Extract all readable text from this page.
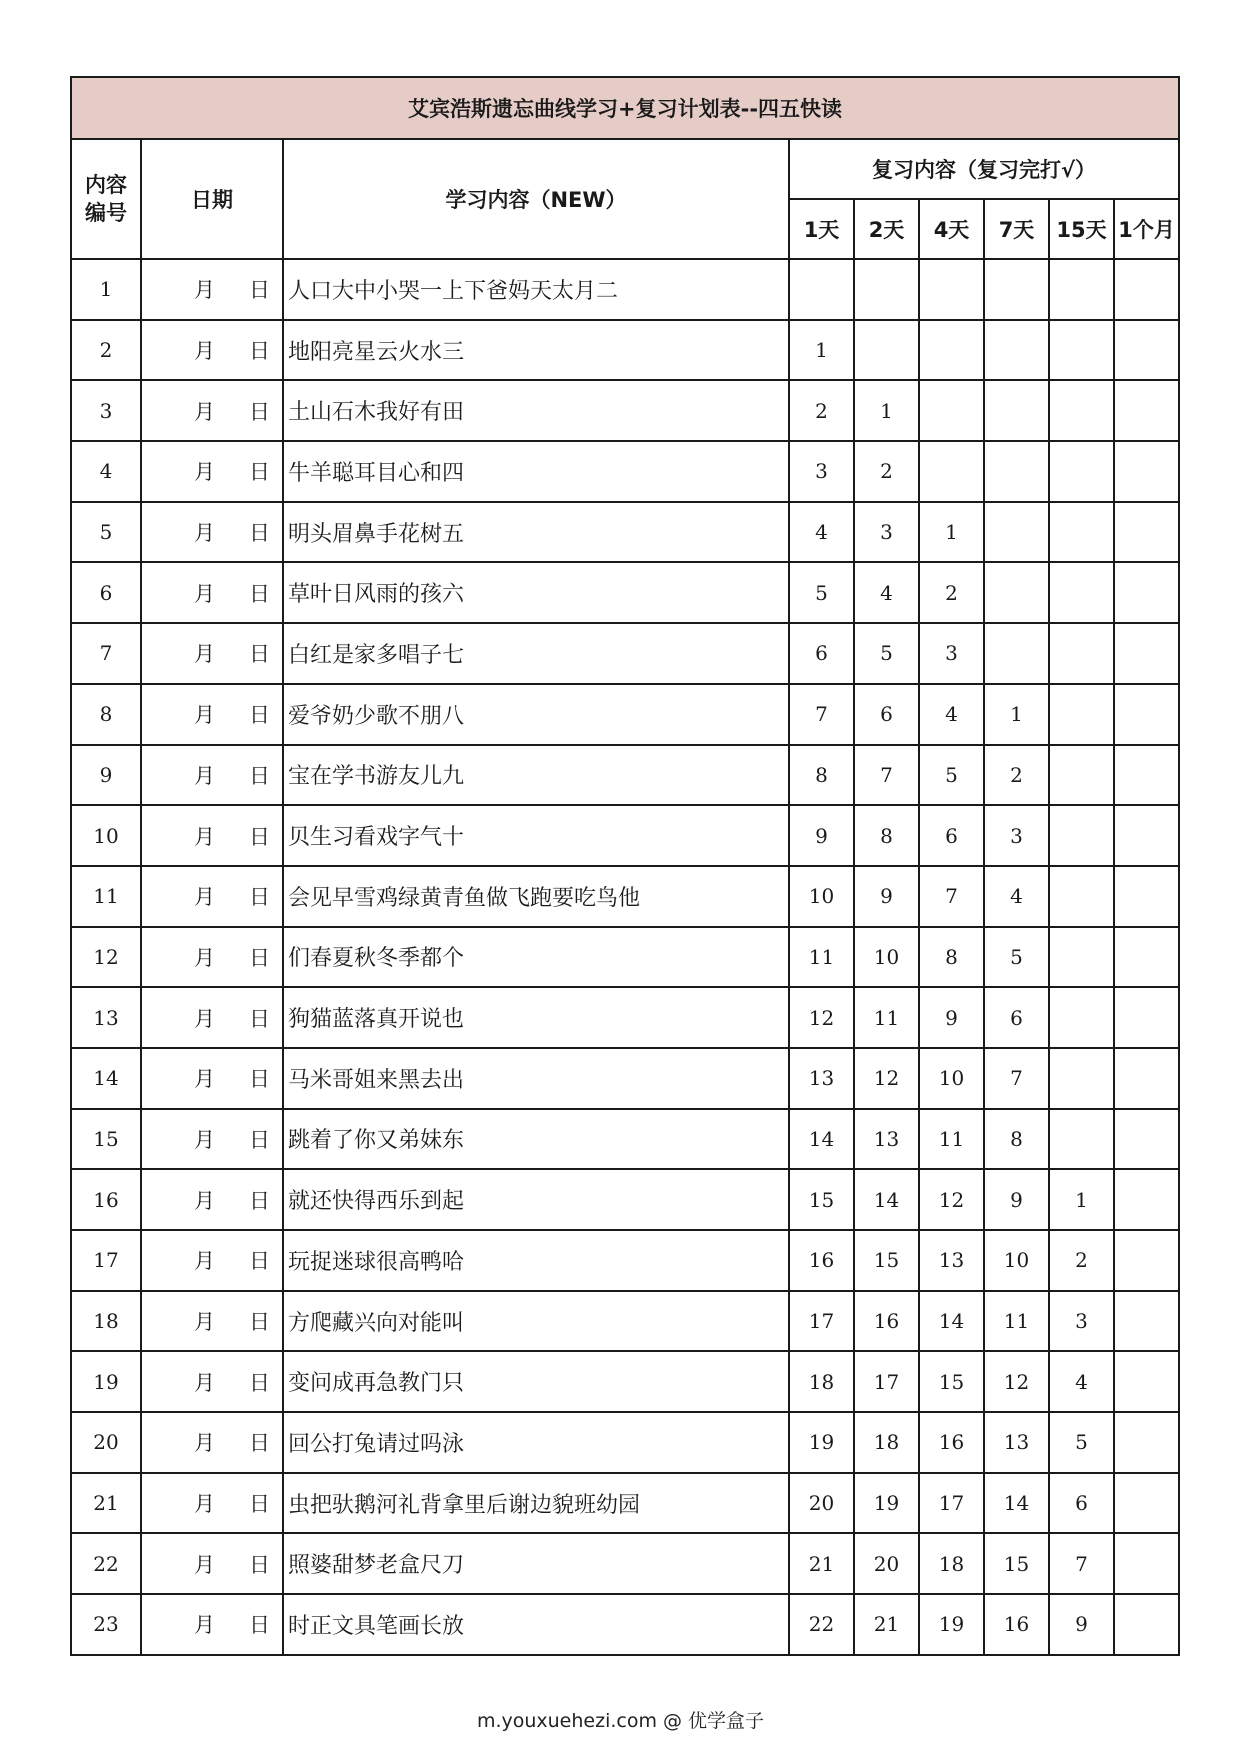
艾宾浩斯遗忘曲线学习+复习计划表--四五快读								
内容编号	日期	学习内容（NEW）	复习内容（复习完打√）					
			1天	2天	4天	7天	15天	1个月
1	月 日	人口大中小哭一上下爸妈天太月二						
2	月 日	地阳亮星云火水三	1					
3	月 日	土山石木我好有田	2	1				
4	月 日	牛羊聪耳目心和四	3	2				
5	月 日	明头眉鼻手花树五	4	3	1			
6	月 日	草叶日风雨的孩六	5	4	2			
7	月 日	白红是家多唱子七	6	5	3			
8	月 日	爱爷奶少歌不朋八	7	6	4	1		
9	月 日	宝在学书游友儿九	8	7	5	2		
10	月 日	贝生习看戏字气十	9	8	6	3		
11	月 日	会见早雪鸡绿黄青鱼做飞跑要吃鸟他	10	9	7	4		
12	月 日	们春夏秋冬季都个	11	10	8	5		
13	月 日	狗猫蓝落真开说也	12	11	9	6		
14	月 日	马米哥姐来黑去出	13	12	10	7		
15	月 日	跳着了你又弟妹东	14	13	11	8		
16	月 日	就还快得西乐到起	15	14	12	9	1	
17	月 日	玩捉迷球很高鸭哈	16	15	13	10	2	
18	月 日	方爬藏兴向对能叫	17	16	14	11	3	
19	月 日	变问成再急教门只	18	17	15	12	4	
20	月 日	回公打兔请过吗泳	19	18	16	13	5	
21	月 日	虫把驮鹅河礼背拿里后谢边貌班幼园	20	19	17	14	6	
22	月 日	照婆甜梦老盒尺刀	21	20	18	15	7	
23	月 日	时正文具笔画长放	22	21	19	16	9	
m.youxuehezi.com @ 优学盒子
